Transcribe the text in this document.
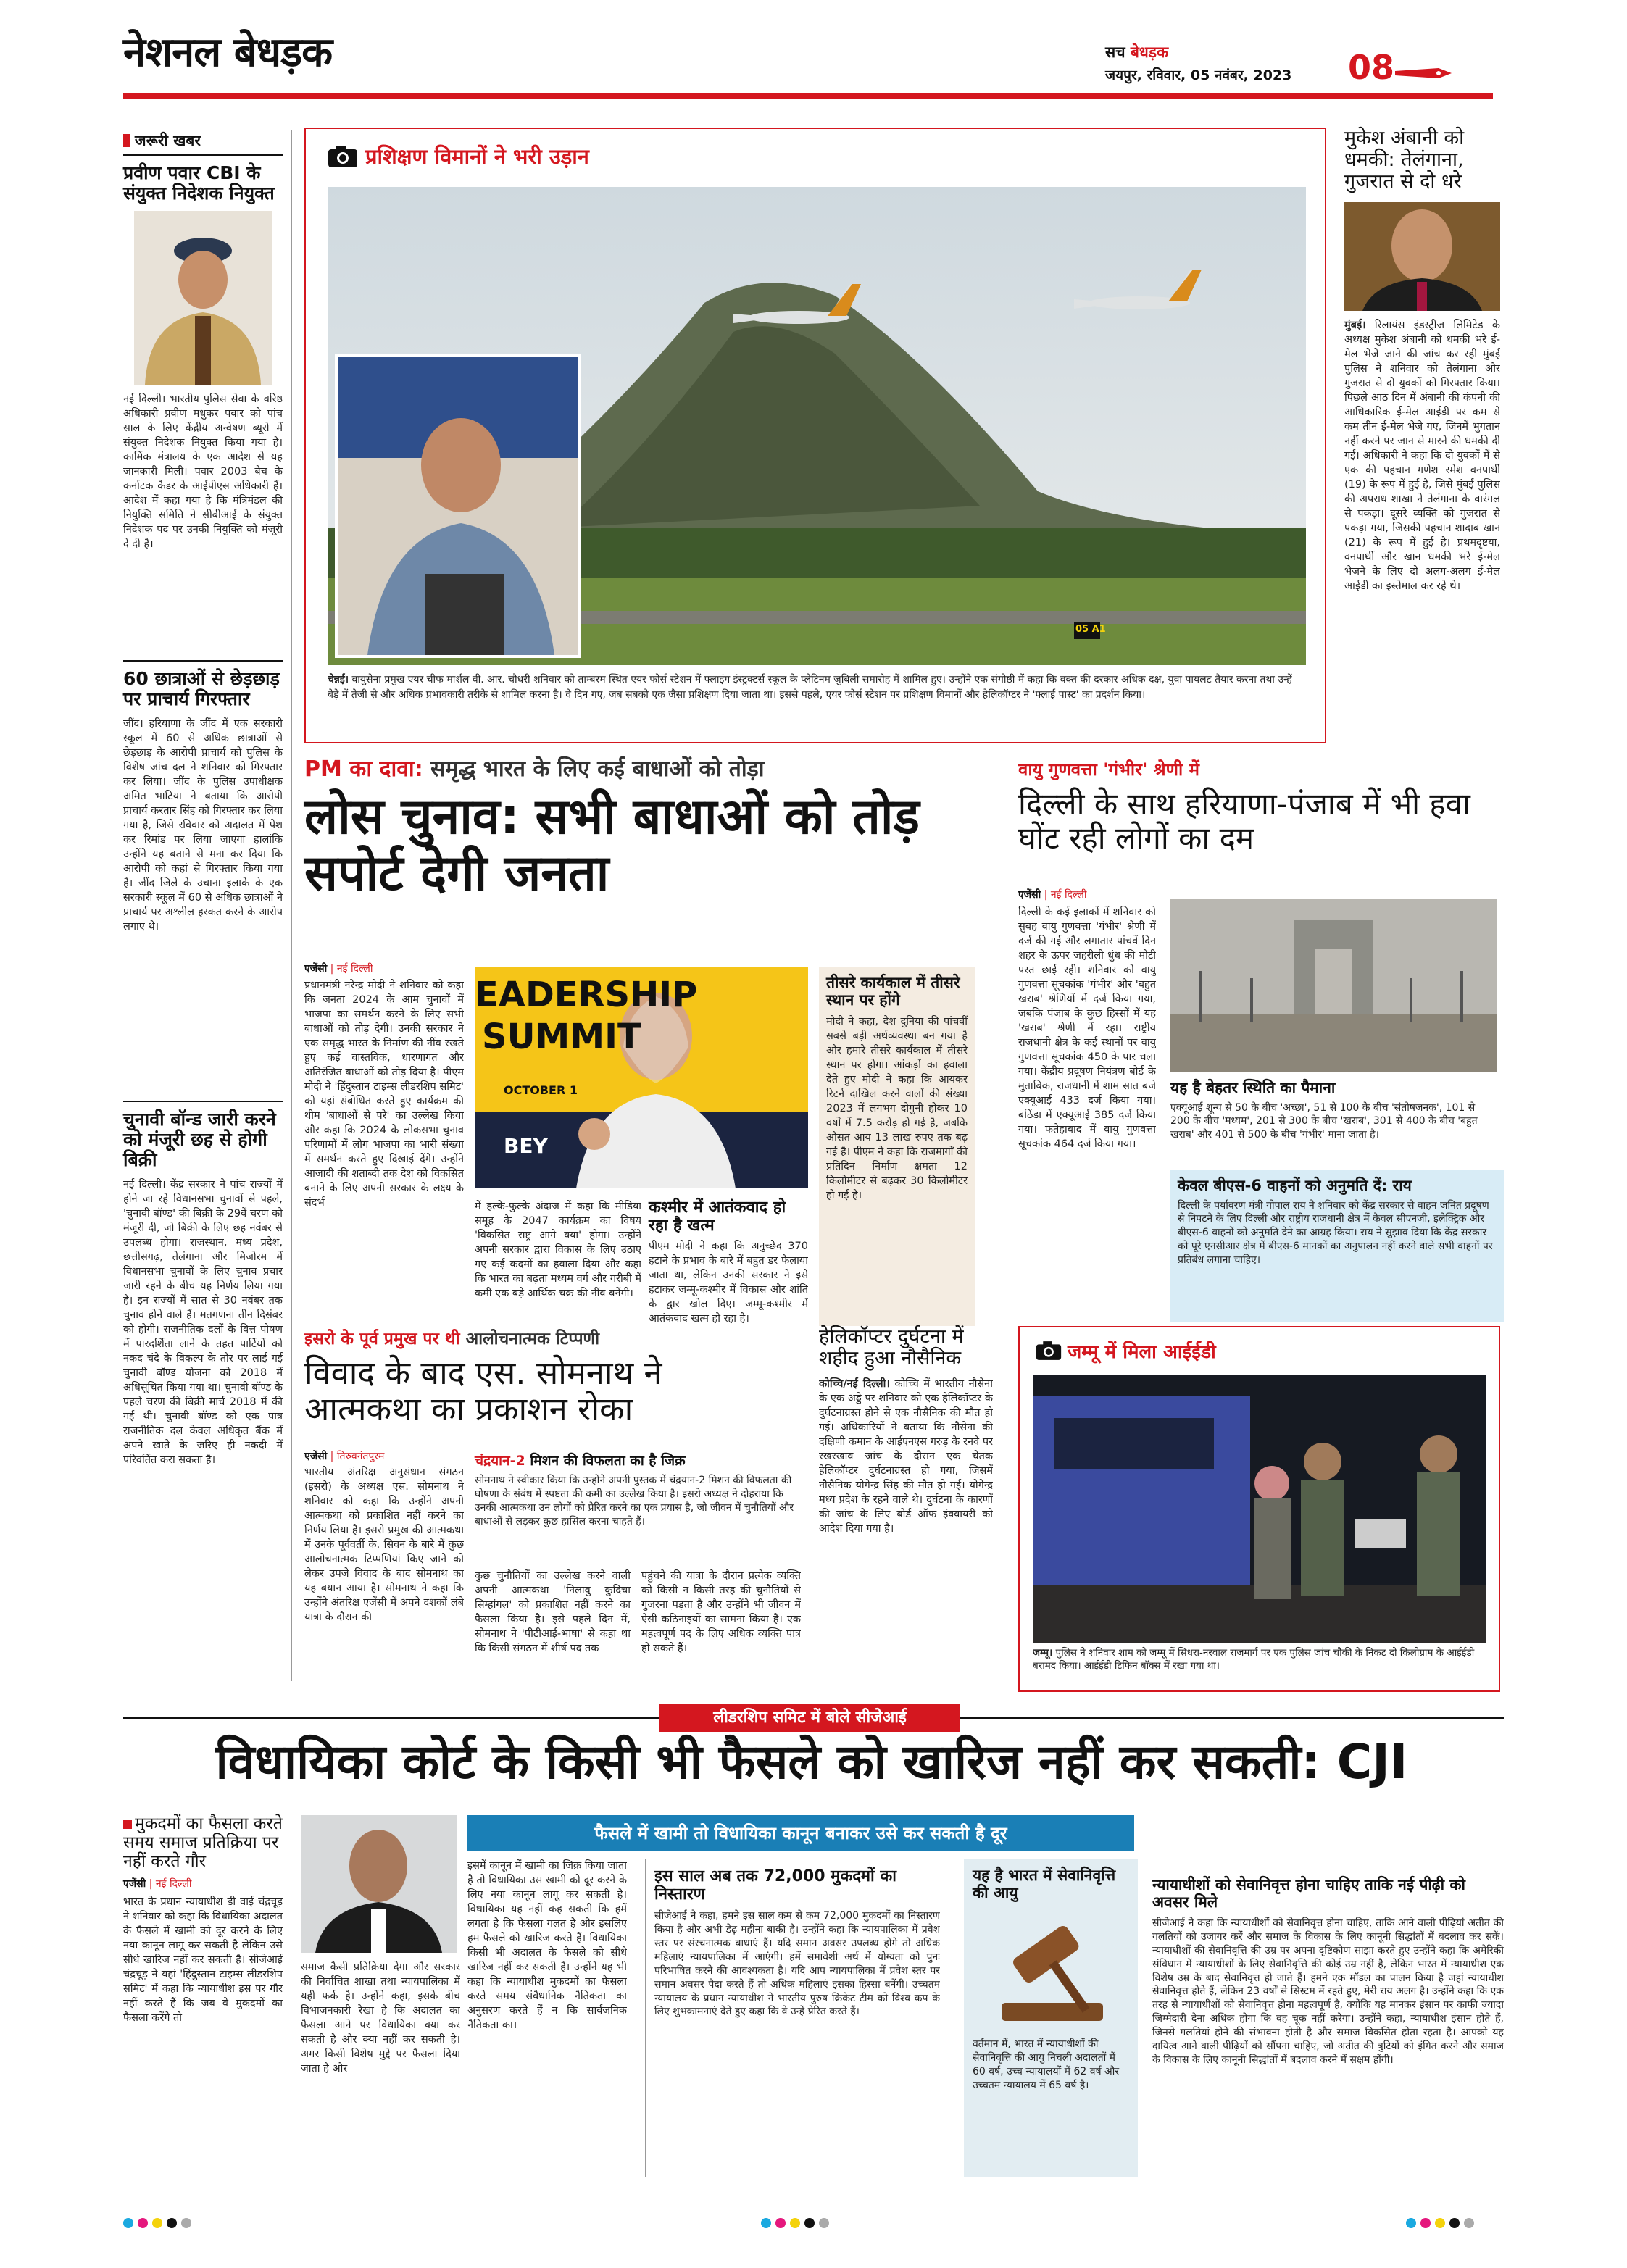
नेशनल बेधड़क	सच बेधड़क
जयपुर, रविवार, 05 नवंबर, 2023 08
जरूरी खबर
प्रवीण पवार CBI के संयुक्त निदेशक नियुक्त
नई दिल्ली। भारतीय पुलिस सेवा के वरिष्ठ अधिकारी प्रवीण मधुकर पवार को पांच साल के लिए केंद्रीय अन्वेषण ब्यूरो में संयुक्त निदेशक नियुक्त किया गया है। कार्मिक मंत्रालय के एक आदेश से यह जानकारी मिली। पवार 2003 बैच के कर्नाटक कैडर के आईपीएस अधिकारी हैं। आदेश में कहा गया है कि मंत्रिमंडल की नियुक्ति समिति ने सीबीआई के संयुक्त निदेशक पद पर उनकी नियुक्ति को मंजूरी दे दी है।
60 छात्राओं से छेड़छाड़ पर प्राचार्य गिरफ्तार
जींद। हरियाणा के जींद में एक सरकारी स्कूल में 60 से अधिक छात्राओं से छेड़छाड़ के आरोपी प्राचार्य को पुलिस के विशेष जांच दल ने शनिवार को गिरफ्तार कर लिया। जींद के पुलिस उपाधीक्षक अमित भाटिया ने बताया कि आरोपी प्राचार्य करतार सिंह को गिरफ्तार कर लिया गया है, जिसे रविवार को अदालत में पेश कर रिमांड पर लिया जाएगा हालांकि उन्होंने यह बताने से मना कर दिया कि आरोपी को कहां से गिरफ्तार किया गया है। जींद जिले के उचाना इलाके के एक सरकारी स्कूल में 60 से अधिक छात्राओं ने प्राचार्य पर अश्लील हरकत करने के आरोप लगाए थे।
चुनावी बॉन्ड जारी करने को मंजूरी छह से होगी बिक्री
नई दिल्ली। केंद्र सरकार ने पांच राज्यों में होने जा रहे विधानसभा चुनावों से पहले, 'चुनावी बॉण्ड' की बिक्री के 29वें चरण को मंजूरी दी, जो बिक्री के लिए छह नवंबर से उपलब्ध होगा। राजस्थान, मध्य प्रदेश, छत्तीसगढ़, तेलंगाना और मिजोरम में विधानसभा चुनावों के लिए चुनाव प्रचार जारी रहने के बीच यह निर्णय लिया गया है। इन राज्यों में सात से 30 नवंबर तक चुनाव होने वाले हैं। मतगणना तीन दिसंबर को होगी। राजनीतिक दलों के वित्त पोषण में पारदर्शिता लाने के तहत पार्टियों को नकद चंदे के विकल्प के तौर पर लाई गई चुनावी बॉण्ड योजना को 2018 में अधिसूचित किया गया था। चुनावी बॉण्ड के पहले चरण की बिक्री मार्च 2018 में की गई थी। चुनावी बॉण्ड को एक पात्र राजनीतिक दल केवल अधिकृत बैंक में अपने खाते के जरिए ही नकदी में परिवर्तित करा सकता है।
प्रशिक्षण विमानों ने भरी उड़ान
05 A1
चेन्नई। वायुसेना प्रमुख एयर चीफ मार्शल वी. आर. चौधरी शनिवार को ताम्बरम स्थित एयर फोर्स स्टेशन में फ्लाइंग इंस्ट्रक्टर्स स्कूल के प्लेटिनम जुबिली समारोह में शामिल हुए। उन्होंने एक संगोष्ठी में कहा कि वक्त की दरकार अधिक दक्ष, युवा पायलट तैयार करना तथा उन्हें बेड़े में तेजी से और अधिक प्रभावकारी तरीके से शामिल करना है। वे दिन गए, जब सबको एक जैसा प्रशिक्षण दिया जाता था। इससे पहले, एयर फोर्स स्टेशन पर प्रशिक्षण विमानों और हेलिकॉप्टर ने 'फ्लाई पास्ट' का प्रदर्शन किया।
मुकेश अंबानी को धमकी: तेलंगाना, गुजरात से दो धरे
मुंबई। रिलायंस इंडस्ट्रीज लिमिटेड के अध्यक्ष मुकेश अंबानी को धमकी भरे ई-मेल भेजे जाने की जांच कर रही मुंबई पुलिस ने शनिवार को तेलंगाना और गुजरात से दो युवकों को गिरफ्तार किया। पिछले आठ दिन में अंबानी की कंपनी की आधिकारिक ई-मेल आईडी पर कम से कम तीन ई-मेल भेजे गए, जिनमें भुगतान नहीं करने पर जान से मारने की धमकी दी गई। अधिकारी ने कहा कि दो युवकों में से एक की पहचान गणेश रमेश वनपार्थी (19) के रूप में हुई है, जिसे मुंबई पुलिस की अपराध शाखा ने तेलंगाना के वारंगल से पकड़ा। दूसरे व्यक्ति को गुजरात से पकड़ा गया, जिसकी पहचान शादाब खान (21) के रूप में हुई है। प्रथमदृष्टया, वनपार्थी और खान धमकी भरे ई-मेल भेजने के लिए दो अलग-अलग ई-मेल आईडी का इस्तेमाल कर रहे थे।
PM का दावा: समृद्ध भारत के लिए कई बाधाओं को तोड़ा
लोस चुनाव: सभी बाधाओं को तोड़ सपोर्ट देगी जनता
एजेंसी | नई दिल्ली
प्रधानमंत्री नरेन्द्र मोदी ने शनिवार को कहा कि जनता 2024 के आम चुनावों में भाजपा का समर्थन करने के लिए सभी बाधाओं को तोड़ देगी। उनकी सरकार ने एक समृद्ध भारत के निर्माण की नींव रखते हुए कई वास्तविक, धारणागत और अतिरंजित बाधाओं को तोड़ दिया है। पीएम मोदी ने 'हिंदुस्तान टाइम्स लीडरशिप समिट' को यहां संबोधित करते हुए कार्यक्रम की थीम 'बाधाओं से परे' का उल्लेख किया और कहा कि 2024 के लोकसभा चुनाव परिणामों में लोग भाजपा का भारी संख्या में समर्थन करते हुए दिखाई देंगे। उन्होंने आजादी की शताब्दी तक देश को विकसित बनाने के लिए अपनी सरकार के लक्ष्य के संदर्भ
EADERSHIP
SUMMIT
OCTOBER 1
BEY
में हल्के-फुल्के अंदाज में कहा कि मीडिया समूह के 2047 कार्यक्रम का विषय 'विकसित राष्ट्र आगे क्या' होगा। उन्होंने अपनी सरकार द्वारा विकास के लिए उठाए गए कई कदमों का हवाला दिया और कहा कि भारत का बढ़ता मध्यम वर्ग और गरीबी में कमी एक बड़े आर्थिक चक्र की नींव बनेंगी।
कश्मीर में आतंकवाद हो रहा है खत्म
पीएम मोदी ने कहा कि अनुच्छेद 370 हटाने के प्रभाव के बारे में बहुत डर फैलाया जाता था, लेकिन उनकी सरकार ने इसे हटाकर जम्मू-कश्मीर में विकास और शांति के द्वार खोल दिए। जम्मू-कश्मीर में आतंकवाद खत्म हो रहा है।
तीसरे कार्यकाल में तीसरे स्थान पर होंगे
मोदी ने कहा, देश दुनिया की पांचवीं सबसे बड़ी अर्थव्यवस्था बन गया है और हमारे तीसरे कार्यकाल में तीसरे स्थान पर होगा। आंकड़ों का हवाला देते हुए मोदी ने कहा कि आयकर रिटर्न दाखिल करने वालों की संख्या 2023 में लगभग दोगुनी होकर 10 वर्षों में 7.5 करोड़ हो गई है, जबकि औसत आय 13 लाख रुपए तक बढ़ गई है। पीएम ने कहा कि राजमार्गों की प्रतिदिन निर्माण क्षमता 12 किलोमीटर से बढ़कर 30 किलोमीटर हो गई है।
वायु गुणवत्ता 'गंभीर' श्रेणी में
दिल्ली के साथ हरियाणा-पंजाब में भी हवा घोंट रही लोगों का दम
एजेंसी | नई दिल्ली
दिल्ली के कई इलाकों में शनिवार को सुबह वायु गुणवत्ता 'गंभीर' श्रेणी में दर्ज की गई और लगातार पांचवें दिन शहर के ऊपर जहरीली धुंध की मोटी परत छाई रही। शनिवार को वायु गुणवत्ता सूचकांक 'गंभीर' और 'बहुत खराब' श्रेणियों में दर्ज किया गया, जबकि पंजाब के कुछ हिस्सों में यह 'खराब' श्रेणी में रहा। राष्ट्रीय राजधानी क्षेत्र के कई स्थानों पर वायु गुणवत्ता सूचकांक 450 के पार चला गया। केंद्रीय प्रदूषण नियंत्रण बोर्ड के मुताबिक, राजधानी में शाम सात बजे एक्यूआई 433 दर्ज किया गया। बठिंडा में एक्यूआई 385 दर्ज किया गया। फतेहाबाद में वायु गुणवत्ता सूचकांक 464 दर्ज किया गया।
यह है बेहतर स्थिति का पैमाना
एक्यूआई शून्य से 50 के बीच 'अच्छा', 51 से 100 के बीच 'संतोषजनक', 101 से 200 के बीच 'मध्यम', 201 से 300 के बीच 'खराब', 301 से 400 के बीच 'बहुत खराब' और 401 से 500 के बीच 'गंभीर' माना जाता है।
केवल बीएस-6 वाहनों को अनुमति दें: राय
दिल्ली के पर्यावरण मंत्री गोपाल राय ने शनिवार को केंद्र सरकार से वाहन जनित प्रदूषण से निपटने के लिए दिल्ली और राष्ट्रीय राजधानी क्षेत्र में केवल सीएनजी, इलेक्ट्रिक और बीएस-6 वाहनों को अनुमति देने का आग्रह किया। राय ने सुझाव दिया कि केंद्र सरकार को पूरे एनसीआर क्षेत्र में बीएस-6 मानकों का अनुपालन नहीं करने वाले सभी वाहनों पर प्रतिबंध लगाना चाहिए।
इसरो के पूर्व प्रमुख पर थी आलोचनात्मक टिप्पणी
विवाद के बाद एस. सोमनाथ ने आत्मकथा का प्रकाशन रोका
एजेंसी | तिरुवनंतपुरम
भारतीय अंतरिक्ष अनुसंधान संगठन (इसरो) के अध्यक्ष एस. सोमनाथ ने शनिवार को कहा कि उन्होंने अपनी आत्मकथा को प्रकाशित नहीं करने का निर्णय लिया है। इसरो प्रमुख की आत्मकथा में उनके पूर्ववर्ती के. सिवन के बारे में कुछ आलोचनात्मक टिप्पणियां किए जाने को लेकर उपजे विवाद के बाद सोमनाथ का यह बयान आया है। सोमनाथ ने कहा कि उन्होंने अंतरिक्ष एजेंसी में अपने दशकों लंबे यात्रा के दौरान की
चंद्रयान-2 मिशन की विफलता का है जिक्र
सोमनाथ ने स्वीकार किया कि उन्होंने अपनी पुस्तक में चंद्रयान-2 मिशन की विफलता की घोषणा के संबंध में स्पष्टता की कमी का उल्लेख किया है। इसरो अध्यक्ष ने दोहराया कि उनकी आत्मकथा उन लोगों को प्रेरित करने का एक प्रयास है, जो जीवन में चुनौतियों और बाधाओं से लड़कर कुछ हासिल करना चाहते हैं।
कुछ चुनौतियों का उल्लेख करने वाली अपनी आत्मकथा 'निलावु कुदिचा सिम्हांगल' को प्रकाशित नहीं करने का फैसला किया है। इसे पहले दिन में, सोमनाथ ने 'पीटीआई-भाषा' से कहा था कि किसी संगठन में शीर्ष पद तक
पहुंचने की यात्रा के दौरान प्रत्येक व्यक्ति को किसी न किसी तरह की चुनौतियों से गुजरना पड़ता है और उन्होंने भी जीवन में ऐसी कठिनाइयों का सामना किया है। एक महत्वपूर्ण पद के लिए अधिक व्यक्ति पात्र हो सकते हैं।
हेलिकॉप्टर दुर्घटना में शहीद हुआ नौसैनिक
कोच्चि/नई दिल्ली। कोच्चि में भारतीय नौसेना के एक अड्डे पर शनिवार को एक हेलिकॉप्टर के दुर्घटनाग्रस्त होने से एक नौसैनिक की मौत हो गई। अधिकारियों ने बताया कि नौसेना की दक्षिणी कमान के आईएनएस गरुड़ के रनवे पर रखरखाव जांच के दौरान एक चेतक हेलिकॉप्टर दुर्घटनाग्रस्त हो गया, जिसमें नौसैनिक योगेन्द्र सिंह की मौत हो गई। योगेन्द्र मध्य प्रदेश के रहने वाले थे। दुर्घटना के कारणों की जांच के लिए बोर्ड ऑफ इंक्वायरी को आदेश दिया गया है।
जम्मू में मिला आईईडी
जम्मू। पुलिस ने शनिवार शाम को जम्मू में सिधरा-नरवाल राजमार्ग पर एक पुलिस जांच चौकी के निकट दो किलोग्राम के आईईडी बरामद किया। आईईडी टिफिन बॉक्स में रखा गया था।
लीडरशिप समिट में बोले सीजेआई
विधायिका कोर्ट के किसी भी फैसले को खारिज नहीं कर सकती: CJI
मुकदमों का फैसला करते समय समाज प्रतिक्रिया पर नहीं करते गौर
एजेंसी | नई दिल्ली
भारत के प्रधान न्यायाधीश डी वाई चंद्रचूड़ ने शनिवार को कहा कि विधायिका अदालत के फैसले में खामी को दूर करने के लिए नया कानून लागू कर सकती है लेकिन उसे सीधे खारिज नहीं कर सकती है। सीजेआई चंद्रचूड़ ने यहां 'हिंदुस्तान टाइम्स लीडरशिप समिट' में कहा कि न्यायाधीश इस पर गौर नहीं करते हैं कि जब वे मुकदमों का फैसला करेंगे तो
फैसले में खामी तो विधायिका कानून बनाकर उसे कर सकती है दूर
समाज कैसी प्रतिक्रिया देगा और सरकार की निर्वाचित शाखा तथा न्यायपालिका में यही फर्क है। उन्होंने कहा, इसके बीच विभाजनकारी रेखा है कि अदालत का फैसला आने पर विधायिका क्या कर सकती है और क्या नहीं कर सकती है। अगर किसी विशेष मुद्दे पर फैसला दिया जाता है और
इसमें कानून में खामी का जिक्र किया जाता है तो विधायिका उस खामी को दूर करने के लिए नया कानून लागू कर सकती है। विधायिका यह नहीं कह सकती कि हमें लगता है कि फैसला गलत है और इसलिए हम फैसले को खारिज करते हैं। विधायिका किसी भी अदालत के फैसले को सीधे खारिज नहीं कर सकती है। उन्होंने यह भी कहा कि न्यायाधीश मुकदमों का फैसला करते समय संवैधानिक नैतिकता का अनुसरण करते हैं न कि सार्वजनिक नैतिकता का।
इस साल अब तक 72,000 मुकदमों का निस्तारण
सीजेआई ने कहा, हमने इस साल कम से कम 72,000 मुकदमों का निस्तारण किया है और अभी डेढ़ महीना बाकी है। उन्होंने कहा कि न्यायपालिका में प्रवेश स्तर पर संरचनात्मक बाधाएं हैं। यदि समान अवसर उपलब्ध होंगे तो अधिक महिलाएं न्यायपालिका में आएंगी। हमें समावेशी अर्थ में योग्यता को पुनः परिभाषित करने की आवश्यकता है। यदि आप न्यायपालिका में प्रवेश स्तर पर समान अवसर पैदा करते हैं तो अधिक महिलाएं इसका हिस्सा बनेंगी। उच्चतम न्यायालय के प्रधान न्यायाधीश ने भारतीय पुरुष क्रिकेट टीम को विश्व कप के लिए शुभकामनाएं देते हुए कहा कि वे उन्हें प्रेरित करते हैं।
यह है भारत में सेवानिवृत्ति की आयु
वर्तमान में, भारत में न्यायाधीशों की सेवानिवृत्ति की आयु निचली अदालतों में 60 वर्ष, उच्च न्यायालयों में 62 वर्ष और उच्चतम न्यायालय में 65 वर्ष है।
न्यायाधीशों को सेवानिवृत्त होना चाहिए ताकि नई पीढ़ी को अवसर मिले
सीजेआई ने कहा कि न्यायाधीशों को सेवानिवृत्त होना चाहिए, ताकि आने वाली पीढ़ियां अतीत की गलतियों को उजागर करें और समाज के विकास के लिए कानूनी सिद्धांतों में बदलाव कर सकें। न्यायाधीशों की सेवानिवृत्ति की उम्र पर अपना दृष्टिकोण साझा करते हुए उन्होंने कहा कि अमेरिकी संविधान में न्यायाधीशों के लिए सेवानिवृत्ति की कोई उम्र नहीं है, लेकिन भारत में न्यायाधीश एक विशेष उम्र के बाद सेवानिवृत्त हो जाते हैं। हमने एक मॉडल का पालन किया है जहां न्यायाधीश सेवानिवृत्त होते हैं, लेकिन 23 वर्षों से सिस्टम में रहते हुए, मेरी राय अलग है। उन्होंने कहा कि एक तरह से न्यायाधीशों को सेवानिवृत्त होना महत्वपूर्ण है, क्योंकि यह मानकर इंसान पर काफी ज्यादा जिम्मेदारी देना अधिक होगा कि वह चूक नहीं करेगा। उन्होंने कहा, न्यायाधीश इंसान होते हैं, जिनसे गलतियां होने की संभावना होती है और समाज विकसित होता रहता है। आपको यह दायित्व आने वाली पीढ़ियों को सौंपना चाहिए, जो अतीत की त्रुटियों को इंगित करने और समाज के विकास के लिए कानूनी सिद्धांतों में बदलाव करने में सक्षम होंगी।
